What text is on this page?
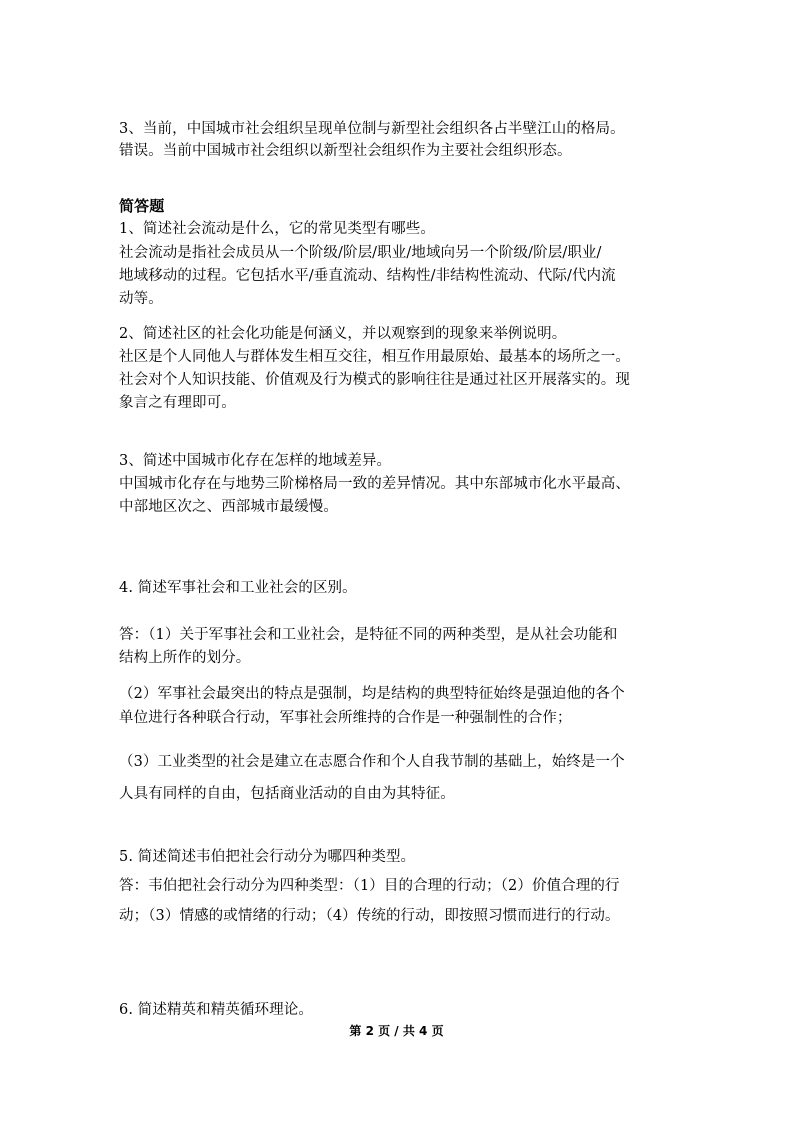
3、当前，中国城市社会组织呈现单位制与新型社会组织各占半壁江山的格局。
错误。当前中国城市社会组织以新型社会组织作为主要社会组织形态。
简答题
1、简述社会流动是什么，它的常见类型有哪些。
社会流动是指社会成员从一个阶级/阶层/职业/地域向另一个阶级/阶层/职业/
地域移动的过程。它包括水平/垂直流动、结构性/非结构性流动、代际/代内流
动等。
2、简述社区的社会化功能是何涵义，并以观察到的现象来举例说明。
社区是个人同他人与群体发生相互交往，相互作用最原始、最基本的场所之一。
社会对个人知识技能、价值观及行为模式的影响往往是通过社区开展落实的。现
象言之有理即可。
3、简述中国城市化存在怎样的地域差异。
中国城市化存在与地势三阶梯格局一致的差异情况。其中东部城市化水平最高、
中部地区次之、西部城市最缓慢。
4. 简述军事社会和工业社会的区别。
答：（1）关于军事社会和工业社会，是特征不同的两种类型，是从社会功能和
结构上所作的划分。
（2）军事社会最突出的特点是强制，均是结构的典型特征始终是强迫他的各个
单位进行各种联合行动，军事社会所维持的合作是一种强制性的合作；
（3）工业类型的社会是建立在志愿合作和个人自我节制的基础上，始终是一个
人具有同样的自由，包括商业活动的自由为其特征。
5. 简述简述韦伯把社会行动分为哪四种类型。
答：韦伯把社会行动分为四种类型：（1）目的合理的行动；（2）价值合理的行
动；（3）情感的或情绪的行动；（4）传统的行动，即按照习惯而进行的行动。
6. 简述精英和精英循环理论。
第 2 页 / 共 4 页
